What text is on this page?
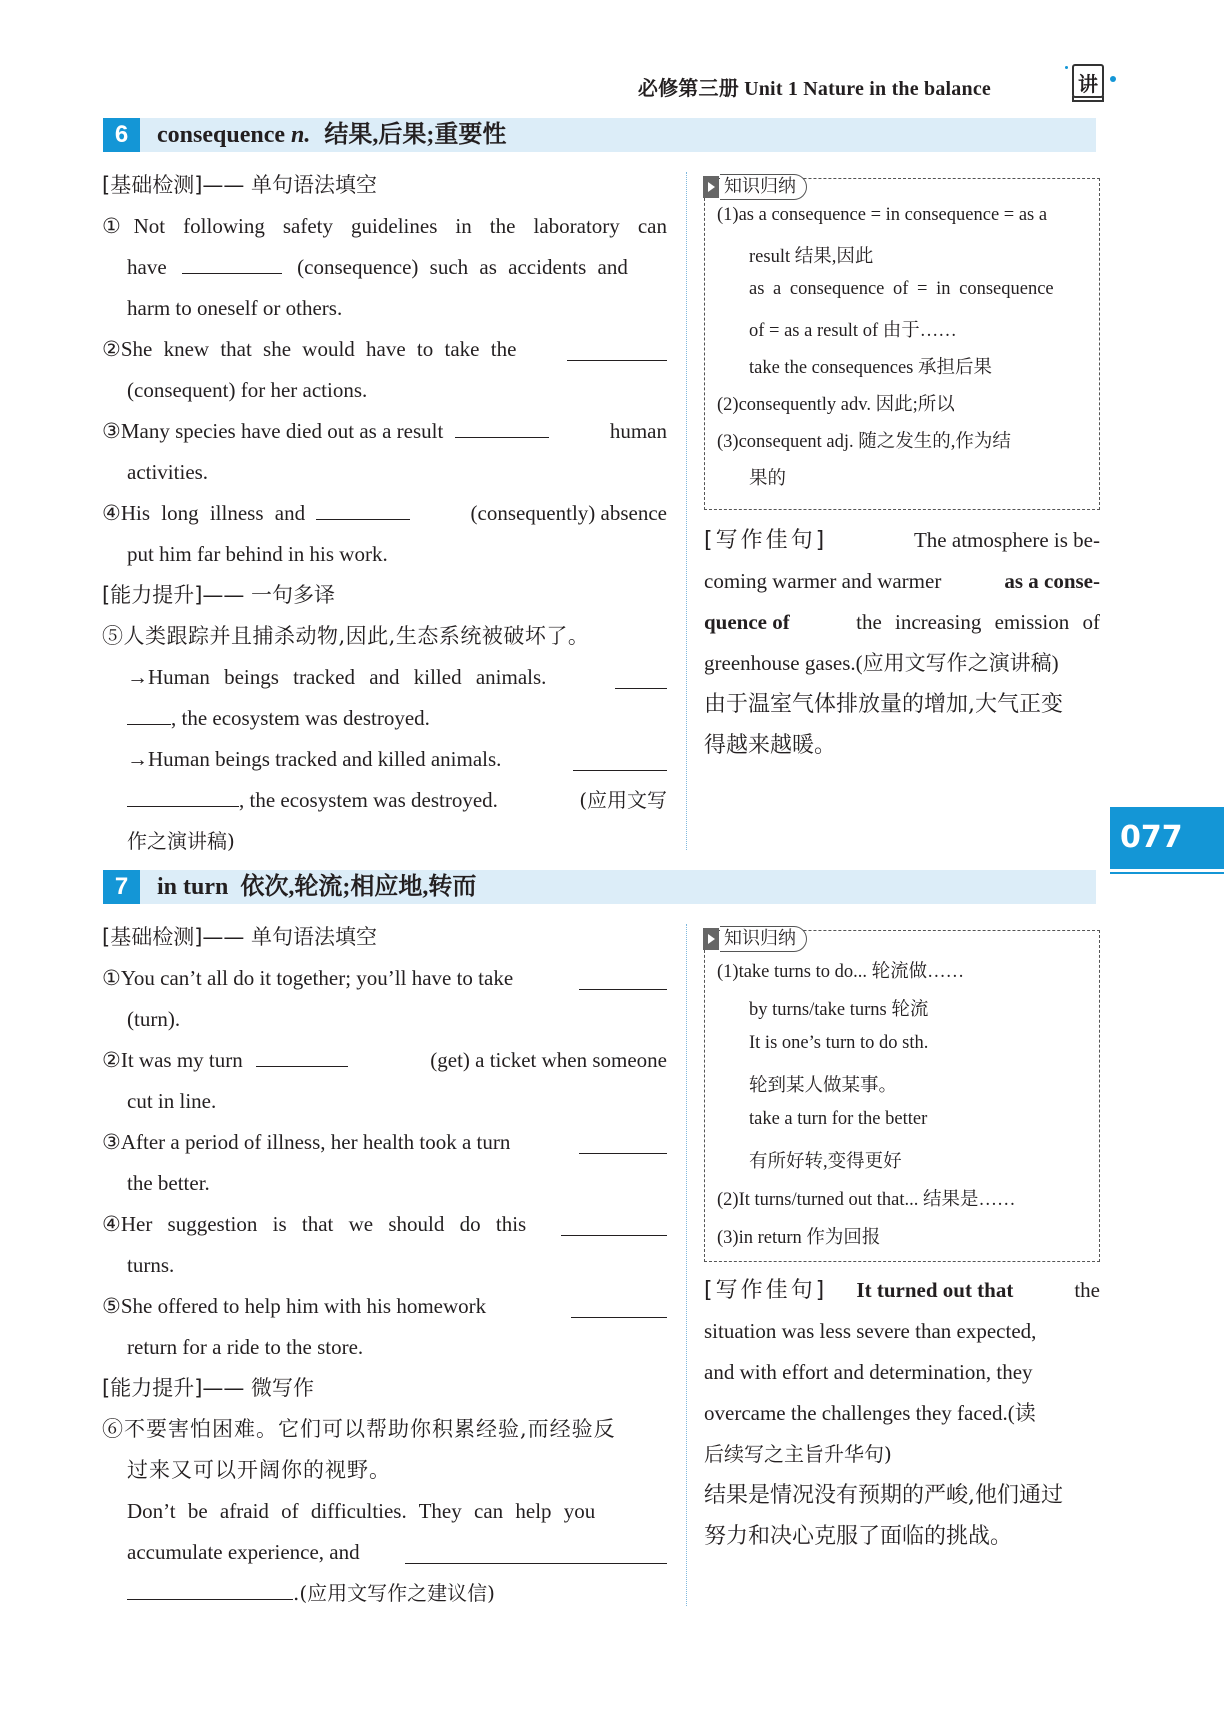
必修第三册 Unit 1 Nature in the balance	讲
6	consequence n. 结果,后果;重要性
[基础检测]—— 单句语法填空
①Not following safety guidelines in the laboratory can
have	(consequence) such as accidents and
harm to oneself or others.
②She knew that she would have to take the
(consequent) for her actions.
③Many species have died out as a result	human
activities.
④His long illness and	(consequently) absence
put him far behind in his work.
[能力提升]—— 一句多译
⑤人类跟踪并且捕杀动物,因此,生态系统被破坏了。
→Human beings tracked and killed animals.
, the ecosystem was destroyed.
→Human beings tracked and killed animals.
, the ecosystem was destroyed.	(应用文写
作之演讲稿)
(1)as a consequence = in consequence = as a
result 结果,因此
as a consequence of = in consequence
of = as a result of 由于……
take the consequences 承担后果
(2)consequently adv. 因此;所以
(3)consequent adj. 随之发生的,作为结
果的
知识归纳
[写作佳句]	The atmosphere is be-
coming warmer and warmer	as a conse-
quence of	the increasing emission of
greenhouse gases.(应用文写作之演讲稿)
由于温室气体排放量的增加,大气正变
得越来越暖。
077
7	in turn 依次,轮流;相应地,转而
[基础检测]—— 单句语法填空
①You can’t all do it together; you’ll have to take
(turn).
②It was my turn	(get) a ticket when someone
cut in line.
③After a period of illness, her health took a turn
the better.
④Her suggestion is that we should do this
turns.
⑤She offered to help him with his homework
return for a ride to the store.
[能力提升]—— 微写作
⑥不要害怕困难。它们可以帮助你积累经验,而经验反
过来又可以开阔你的视野。
Don’t be afraid of difficulties. They can help you
accumulate experience, and
.(应用文写作之建议信)
(1)take turns to do... 轮流做……
by turns/take turns 轮流
It is one’s turn to do sth.
轮到某人做某事。
take a turn for the better
有所好转,变得更好
(2)It turns/turned out that... 结果是……
(3)in return 作为回报
知识归纳
[写作佳句] It turned out that	the
situation was less severe than expected,
and with effort and determination, they
overcame the challenges they faced.(读
后续写之主旨升华句)
结果是情况没有预期的严峻,他们通过
努力和决心克服了面临的挑战。
